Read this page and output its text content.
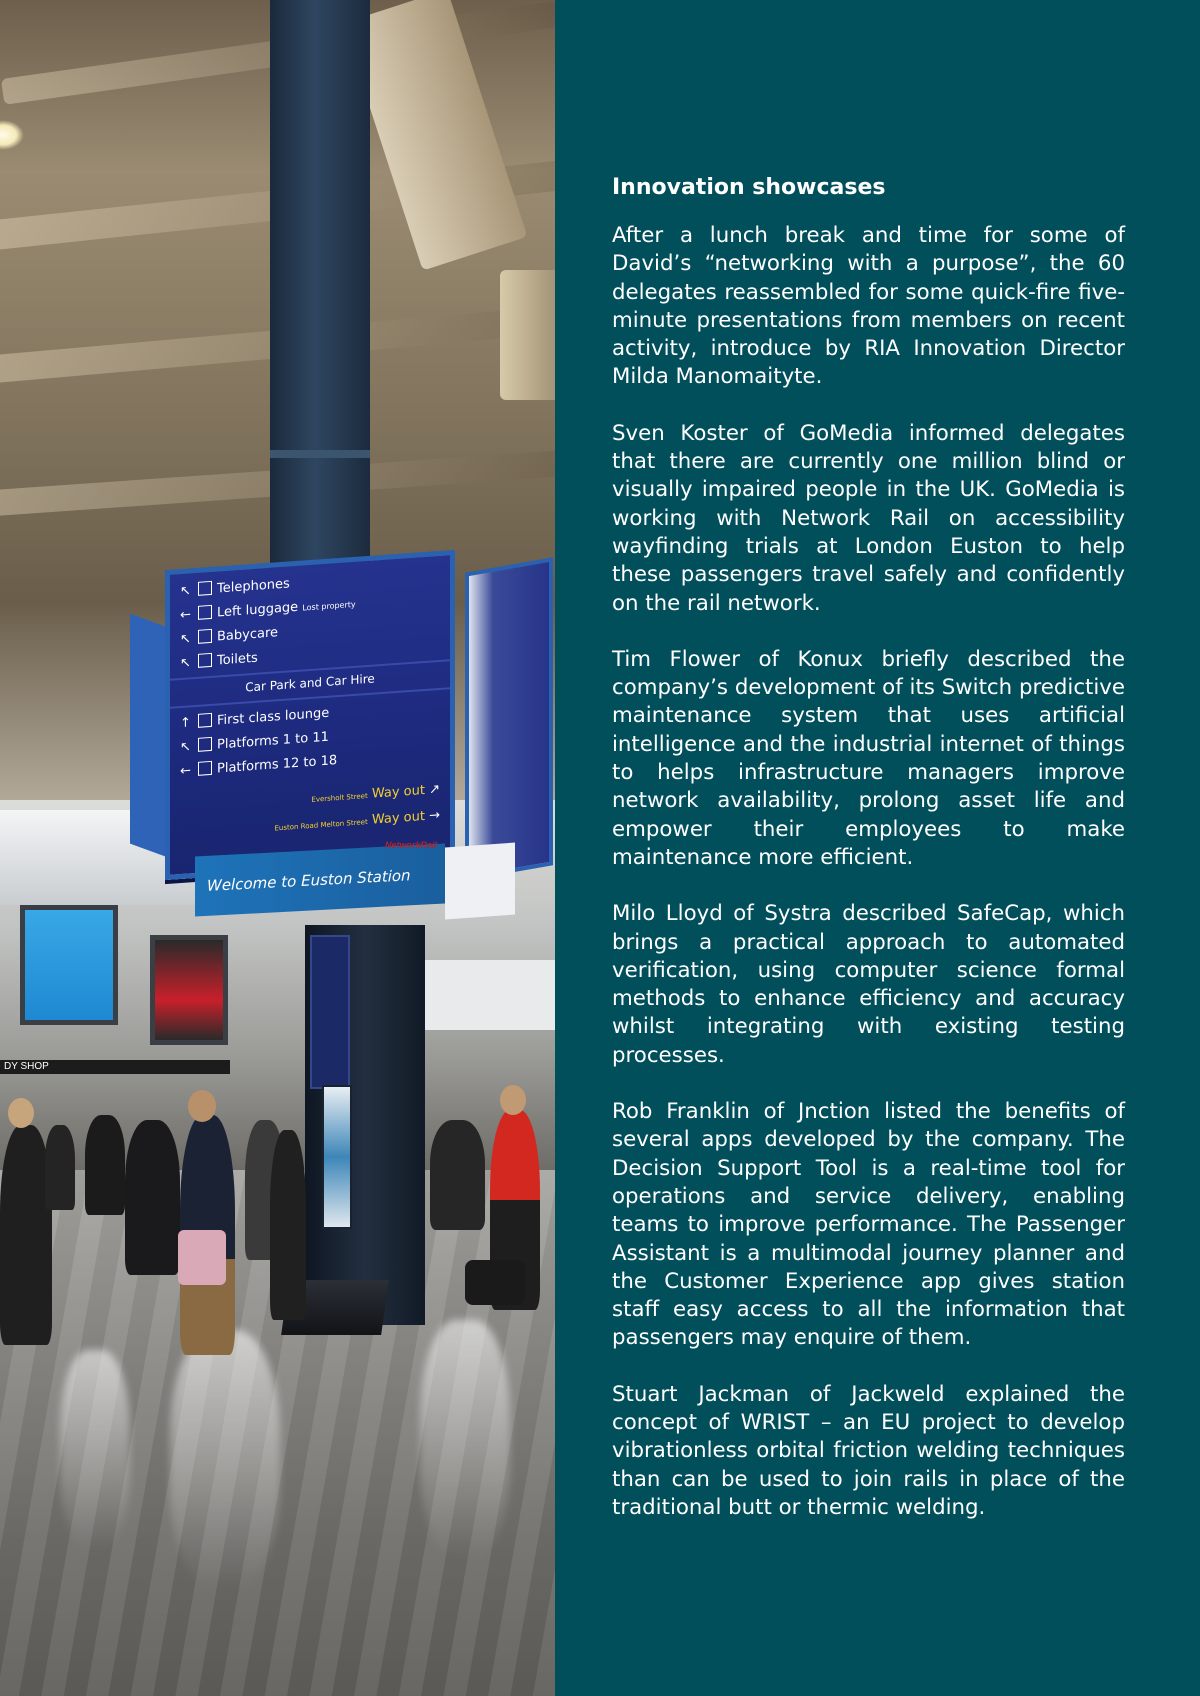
DY SHOP
↖ Telephones
← Left luggage Lost property
↖ Babycare
↖ Toilets
Car Park and Car Hire
↑ First class lounge
↖ Platforms 1 to 11
← Platforms 12 to 18
Eversholt Street Way out ↗
Euston Road Melton Street Way out →
Welcome to Euston Station
NetworkRail
Innovation showcases

After a lunch break and time for some of David’s “networking with a purpose”, the 60 delegates reassembled for some quick-fire five-minute presentations from members on recent activity, introduce by RIA Innovation Director Milda Manomaityte.

Sven Koster of GoMedia informed delegates that there are currently one million blind or visually impaired people in the UK. GoMedia is working with Network Rail on accessibility wayfinding trials at London Euston to help these passengers travel safely and confidently on the rail network.

Tim Flower of Konux briefly described the company’s development of its Switch predictive maintenance system that uses artificial intelligence and the industrial internet of things to helps infrastructure managers improve network availability, prolong asset life and empower their employees to make maintenance more efficient.

Milo Lloyd of Systra described SafeCap, which brings a practical approach to automated verification, using computer science formal methods to enhance efficiency and accuracy whilst integrating with existing testing processes.

Rob Franklin of Jnction listed the benefits of several apps developed by the company. The Decision Support Tool is a real-time tool for operations and service delivery, enabling teams to improve performance. The Passenger Assistant is a multimodal journey planner and the Customer Experience app gives station staff easy access to all the information that passengers may enquire of them.

Stuart Jackman of Jackweld explained the concept of WRIST – an EU project to develop vibrationless orbital friction welding techniques than can be used to join rails in place of the traditional butt or thermic welding.
